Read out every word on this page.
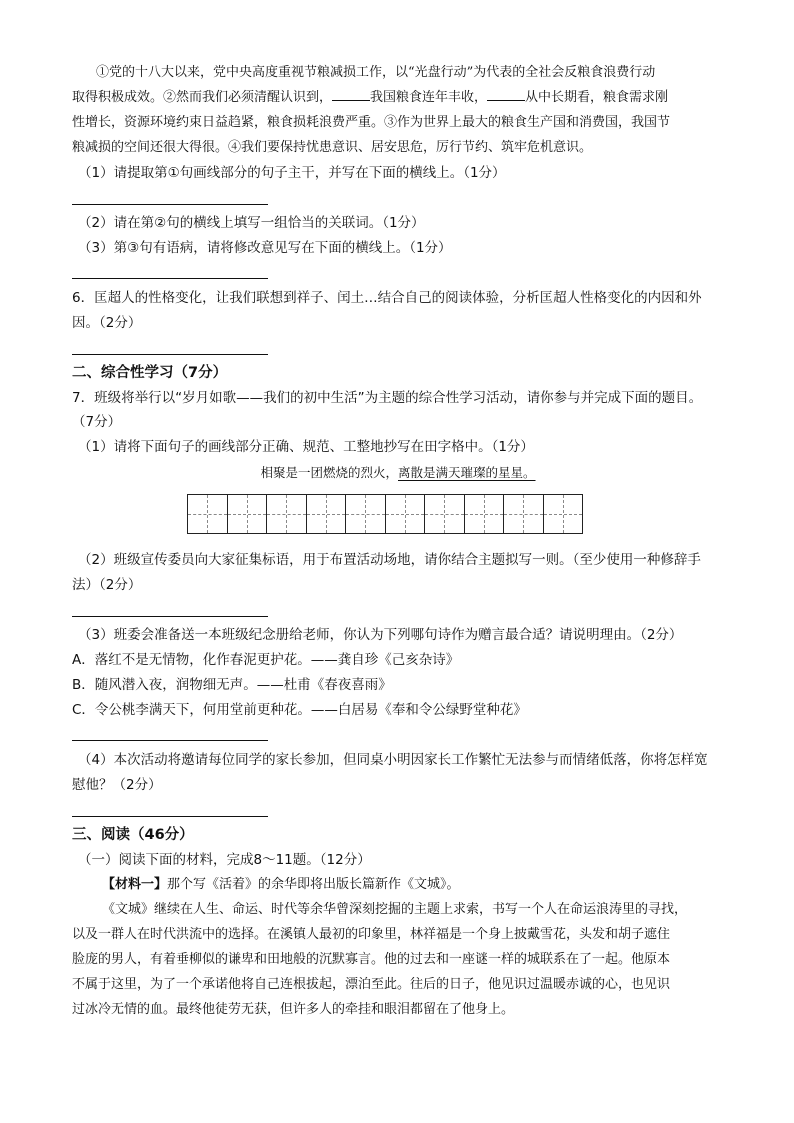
①党的十八大以来，党中央高度重视节粮减损工作，以“光盘行动”为代表的全社会反粮食浪费行动
取得积极成效。②然而我们必须清醒认识到，	我国粮食连年丰收，	从中长期看，粮食需求刚
性增长，资源环境约束日益趋紧，粮食损耗浪费严重。③作为世界上最大的粮食生产国和消费国，我国节
粮减损的空间还很大得很。④我们要保持忧患意识、居安思危，厉行节约、筑牢危机意识。
（1）请提取第①句画线部分的句子主干，并写在下面的横线上。（1分）
（2）请在第②句的横线上填写一组恰当的关联词。（1分）
（3）第③句有语病，请将修改意见写在下面的横线上。（1分）
6．匡超人的性格变化，让我们联想到祥子、闰土…结合自己的阅读体验，分析匡超人性格变化的内因和外
因。（2分）
二、综合性学习（7分）
7．班级将举行以“岁月如歌——我们的初中生活”为主题的综合性学习活动，请你参与并完成下面的题目。
（7分）
（1）请将下面句子的画线部分正确、规范、工整地抄写在田字格中。（1分）
相聚是一团燃烧的烈火，离散是满天璀璨的星星。
（2）班级宣传委员向大家征集标语，用于布置活动场地，请你结合主题拟写一则。（至少使用一种修辞手
法）（2分）
（3）班委会准备送一本班级纪念册给老师，你认为下列哪句诗作为赠言最合适？请说明理由。（2分）
A．落红不是无情物，化作春泥更护花。——龚自珍《己亥杂诗》
B．随风潜入夜，润物细无声。——杜甫《春夜喜雨》
C．令公桃李满天下，何用堂前更种花。——白居易《奉和令公绿野堂种花》
（4）本次活动将邀请每位同学的家长参加，但同桌小明因家长工作繁忙无法参与而情绪低落，你将怎样宽
慰他？（2分）
三、阅读（46分）
（一）阅读下面的材料，完成8～11题。（12分）
【材料一】那个写《活着》的余华即将出版长篇新作《文城》。
《文城》继续在人生、命运、时代等余华曾深刻挖掘的主题上求索，书写一个人在命运浪涛里的寻找，
以及一群人在时代洪流中的选择。在溪镇人最初的印象里，林祥福是一个身上披戴雪花，头发和胡子遮住
脸庞的男人，有着垂柳似的谦卑和田地般的沉默寡言。他的过去和一座谜一样的城联系在了一起。他原本
不属于这里，为了一个承诺他将自己连根拔起，漂泊至此。往后的日子，他见识过温暖赤诚的心，也见识
过冰冷无情的血。最终他徒劳无获，但许多人的牵挂和眼泪都留在了他身上。
